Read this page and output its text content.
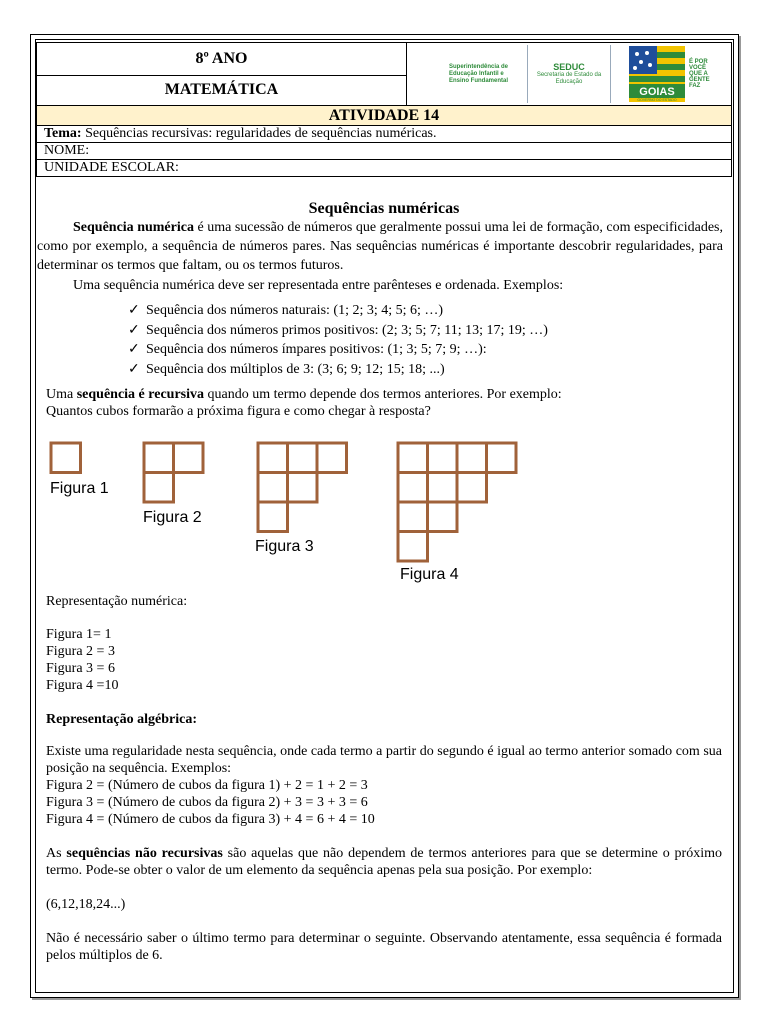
8º ANO	Superintendência de Educação Infantil e Ensino Fundamental
SEDUC
Secretaria de Estado da Educação
GOIAS
GOVERNO DO ESTADO
É POR VOCÊ QUE A GENTE FAZ

MATEMÁTICA
ATIVIDADE 14
Tema: Sequências recursivas: regularidades de sequências numéricas.
NOME:
UNIDADE ESCOLAR:
Sequências numéricas
Sequência numérica é uma sucessão de números que geralmente possui uma lei de formação, com especificidades, como por exemplo, a sequência de números pares. Nas sequências numéricas é importante descobrir regularidades, para determinar os termos que faltam, ou os termos futuros.
Uma sequência numérica deve ser representada entre parênteses e ordenada. Exemplos:
✓ Sequência dos números naturais: (1; 2; 3; 4; 5; 6; …)
✓ Sequência dos números primos positivos: (2; 3; 5; 7; 11; 13; 17; 19; …)
✓ Sequência dos números ímpares positivos: (1; 3; 5; 7; 9; …):
✓ Sequência dos múltiplos de 3: (3; 6; 9; 12; 15; 18; ...)
Uma sequência é recursiva quando um termo depende dos termos anteriores. Por exemplo:
Quantos cubos formarão a próxima figura e como chegar à resposta?
Figura 1
Figura 2
Figura 3
Figura 4
Representação numérica:
Figura 1= 1
Figura 2 = 3
Figura 3 = 6
Figura 4 =10
Representação algébrica:
Existe uma regularidade nesta sequência, onde cada termo a partir do segundo é igual ao termo anterior somado com sua posição na sequência. Exemplos:
Figura 2 = (Número de cubos da figura 1) + 2 = 1 + 2 = 3
Figura 3 = (Número de cubos da figura 2) + 3 = 3 + 3 = 6
Figura 4 = (Número de cubos da figura 3) + 4 = 6 + 4 = 10
As sequências não recursivas são aquelas que não dependem de termos anteriores para que se determine o próximo termo. Pode-se obter o valor de um elemento da sequência apenas pela sua posição. Por exemplo:
(6,12,18,24...)
Não é necessário saber o último termo para determinar o seguinte. Observando atentamente, essa sequência é formada pelos múltiplos de 6.
